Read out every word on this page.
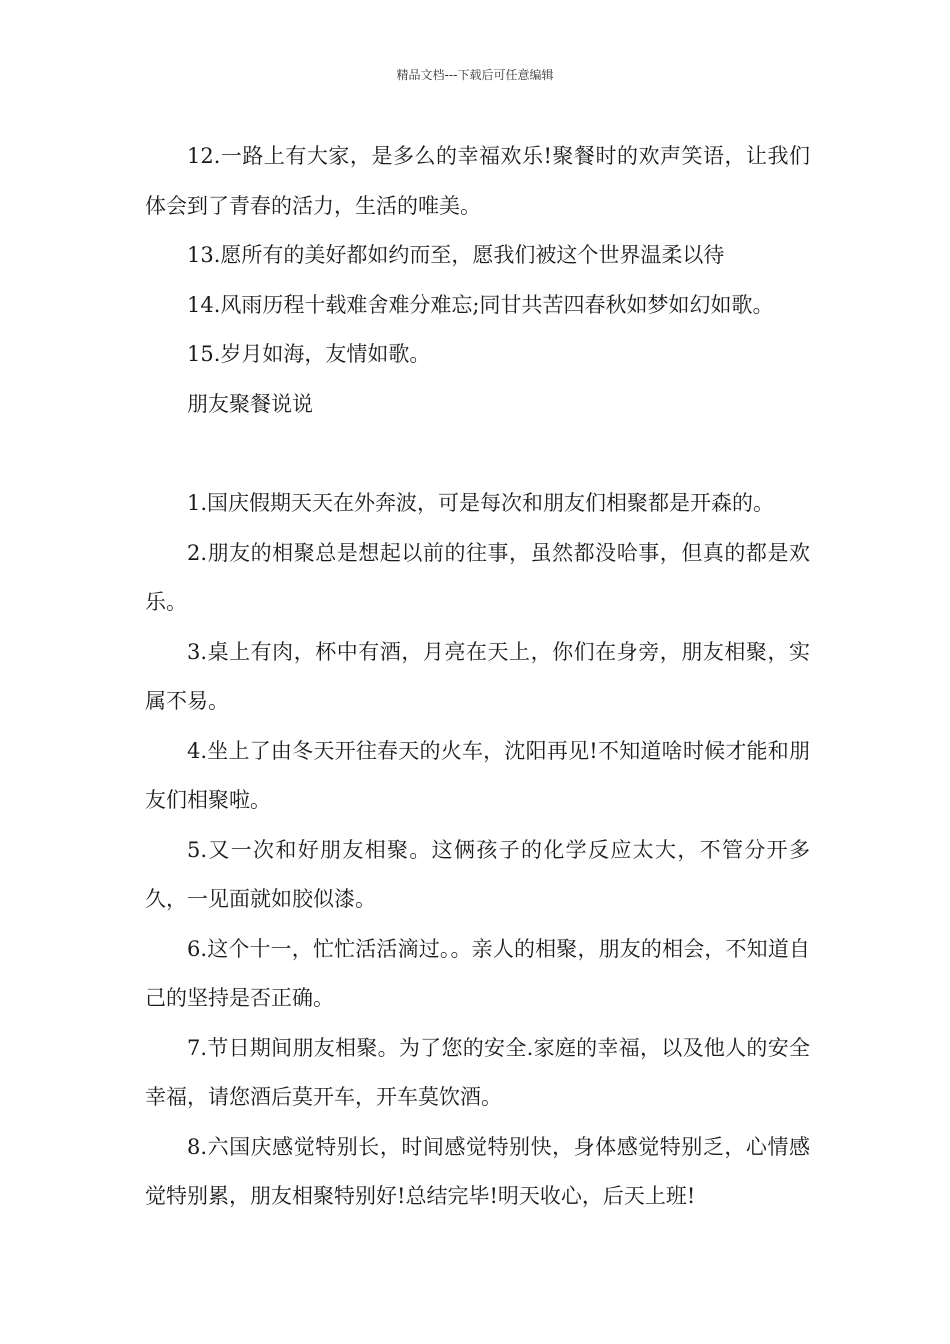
精品文档---下载后可任意编辑

12.一路上有大家，是多么的幸福欢乐!聚餐时的欢声笑语，让我们体会到了青春的活力，生活的唯美。

13.愿所有的美好都如约而至，愿我们被这个世界温柔以待

14.风雨历程十载难舍难分难忘;同甘共苦四春秋如梦如幻如歌。

15.岁月如海，友情如歌。

朋友聚餐说说

1.国庆假期天天在外奔波，可是每次和朋友们相聚都是开森的。

2.朋友的相聚总是想起以前的往事，虽然都没哈事，但真的都是欢乐。

3.桌上有肉，杯中有酒，月亮在天上，你们在身旁，朋友相聚，实属不易。

4.坐上了由冬天开往春天的火车，沈阳再见!不知道啥时候才能和朋友们相聚啦。

5.又一次和好朋友相聚。这俩孩子的化学反应太大，不管分开多久，一见面就如胶似漆。

6.这个十一，忙忙活活滴过。。亲人的相聚，朋友的相会，不知道自己的坚持是否正确。

7.节日期间朋友相聚。为了您的安全.家庭的幸福，以及他人的安全幸福，请您酒后莫开车，开车莫饮酒。

8.六国庆感觉特别长，时间感觉特别快，身体感觉特别乏，心情感觉特别累，朋友相聚特别好!总结完毕!明天收心，后天上班!
